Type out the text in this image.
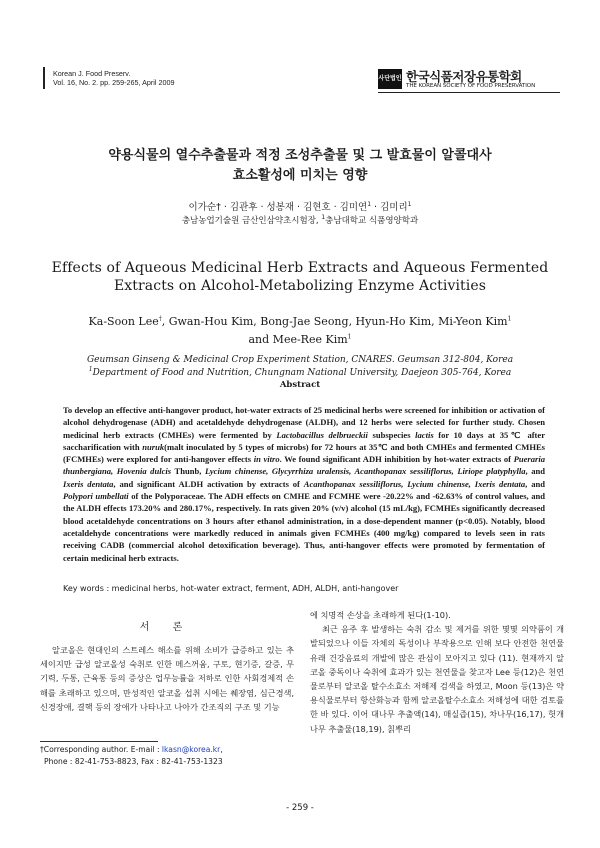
Korean J. Food Preserv.
Vol. 16, No. 2. pp. 259-265, April 2009	사단법인 한국식품저장유통학회
THE KOREAN SOCIETY OF FOOD PRESERVATION
약용식물의 열수추출물과 적정 조성추출물 및 그 발효물이 알콜대사
효소활성에 미치는 영향
이가순† · 김관후 · 성봉재 · 김현호 · 김미연$^1$ · 김미리$^1$
충남농업기술원 금산인삼약초시험장, $^1$충남대학교 식품영양학과
Effects of Aqueous Medicinal Herb Extracts and Aqueous Fermented
Extracts on Alcohol-Metabolizing Enzyme Activities
Ka-Soon Lee†, Gwan-Hou Kim, Bong-Jae Seong, Hyun-Ho Kim, Mi-Yeon Kim$^1$
and Mee-Ree Kim$^1$
Geumsan Ginseng & Medicinal Crop Experiment Station, CNARES. Geumsan 312-804, Korea
$^1$Department of Food and Nutrition, Chungnam National University, Daejeon 305-764, Korea
Abstract
To develop an effective anti-hangover product, hot-water extracts of 25 medicinal herbs were screened for inhibition or activation of alcohol dehydrogenase (ADH) and acetaldehyde dehydrogenase (ALDH), and 12 herbs were selected for further study. Chosen medicinal herb extracts (CMHEs) were fermented by Lactobacillus delbrueckii subspecies lactis for 10 days at 35℃ after saccharification with nuruk(malt inoculated by 5 types of microbs) for 72 hours at 35℃ and both CMHEs and fermented CMHEs (FCMHEs) were explored for anti-hangover effects in vitro. We found significant ADH inhibition by hot-water extracts of Pueraria thunbergiana, Hovenia dulcis Thunb, Lycium chinense, Glycyrrhiza uralensis, Acanthopanax sessiliflorus, Liriope platyphylla, and Ixeris dentata, and significant ALDH activation by extracts of Acanthopanax sessiliflorus, Lycium chinense, Ixeris dentata, and Polypori umbellati of the Polyporaceae. The ADH effects on CMHE and FCMHE were -20.22% and -62.63% of control values, and the ALDH effects 173.20% and 280.17%, respectively. In rats given 20% (v/v) alcohol (15 mL/kg), FCMHEs significantly decreased blood acetaldehyde concentrations on 3 hours after ethanol administration, in a dose-dependent manner (p<0.05). Notably, blood acetaldehyde concentrations were markedly reduced in animals given FCMHEs (400 mg/kg) compared to levels seen in rats receiving CADB (commercial alcohol detoxification beverage). Thus, anti-hangover effects were promoted by fermentation of certain medicinal herb extracts.
Key words : medicinal herbs, hot-water extract, ferment, ADH, ALDH, anti-hangover
서 론

알코올은 현대인의 스트레스 해소를 위해 소비가 급증하고 있는 추세이지만 급성 알코올성 숙취로 인한 메스꺼움, 구토, 현기증, 갈증, 무기력, 두통, 근육통 등의 증상은 업무능률을 저하로 인한 사회경제적 손해를 초래하고 있으며, 만성적인 알코올 섭취 시에는 췌장염, 심근경색, 신경장애, 결핵 등의 장애가 나타나고 나아가 간조직의 구조 및 기능

에 치명적 손상을 초래하게 된다(1-10).

최근 음주 후 발생하는 숙취 감소 및 제거를 위한 몇몇 의약품이 개발되었으나 이들 자체의 독성이나 부작용으로 인해 보다 안전한 천연물 유래 건강음료의 개발에 많은 관심이 모아지고 있다 (11). 현재까지 알코올 중독이나 숙취에 효과가 있는 천연물을 찾고자 Lee 등(12)은 천연물로부터 알코올 탈수소효소 저해제 검색을 하였고, Moon 등(13)은 약용식물로부터 항산화능과 함께 알코올탈수소효소 저해성에 대한 검토를 한 바 있다. 이어 대나무 추출액(14), 매실즙(15), 차나무(16,17), 헛개나무 추출물(18,19), 칡뿌리

†Corresponding author. E-mail : lkasn@korea.kr,
Phone : 82-41-753-8823, Fax : 82-41-753-1323
- 259 -
